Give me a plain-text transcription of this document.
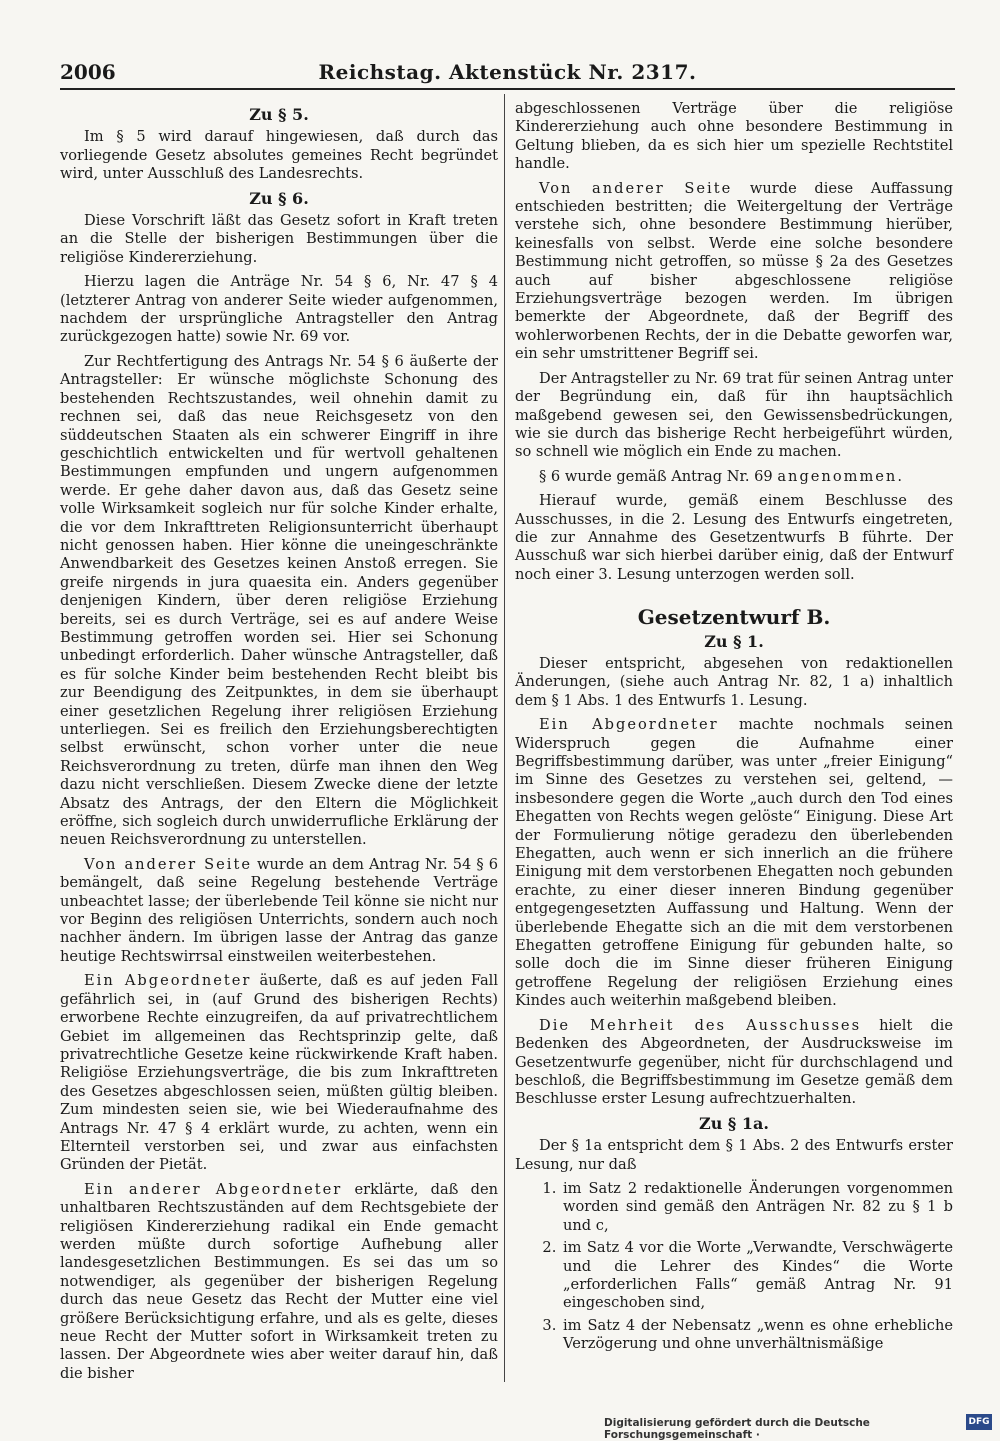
2006	Reichstag. Aktenstück Nr. 2317.
Zu § 5.

Im § 5 wird darauf hingewiesen, daß durch das vorliegende Gesetz absolutes gemeines Recht begründet wird, unter Ausschluß des Landesrechts.

Zu § 6.

Diese Vorschrift läßt das Gesetz sofort in Kraft treten an die Stelle der bisherigen Bestimmungen über die religiöse Kindererziehung.

Hierzu lagen die Anträge Nr. 54 § 6, Nr. 47 § 4 (letzterer Antrag von anderer Seite wieder aufgenommen, nachdem der ursprüngliche Antragsteller den Antrag zurückgezogen hatte) sowie Nr. 69 vor.

Zur Rechtfertigung des Antrags Nr. 54 § 6 äußerte der Antragsteller: Er wünsche möglichste Schonung des bestehenden Rechtszustandes, weil ohnehin damit zu rechnen sei, daß das neue Reichsgesetz von den süddeutschen Staaten als ein schwerer Eingriff in ihre geschichtlich entwickelten und für wertvoll gehaltenen Bestimmungen empfunden und ungern aufgenommen werde. Er gehe daher davon aus, daß das Gesetz seine volle Wirksamkeit sogleich nur für solche Kinder erhalte, die vor dem Inkrafttreten Religionsunterricht überhaupt nicht genossen haben. Hier könne die uneingeschränkte Anwendbarkeit des Gesetzes keinen Anstoß erregen. Sie greife nirgends in jura quaesita ein. Anders gegenüber denjenigen Kindern, über deren religiöse Erziehung bereits, sei es durch Verträge, sei es auf andere Weise Bestimmung getroffen worden sei. Hier sei Schonung unbedingt erforderlich. Daher wünsche Antragsteller, daß es für solche Kinder beim bestehenden Recht bleibt bis zur Beendigung des Zeitpunktes, in dem sie überhaupt einer gesetzlichen Regelung ihrer religiösen Erziehung unterliegen. Sei es freilich den Erziehungsberechtigten selbst erwünscht, schon vorher unter die neue Reichsverordnung zu treten, dürfe man ihnen den Weg dazu nicht verschließen. Diesem Zwecke diene der letzte Absatz des Antrags, der den Eltern die Möglichkeit eröffne, sich sogleich durch unwiderrufliche Erklärung der neuen Reichsverordnung zu unterstellen.

Von anderer Seite wurde an dem Antrag Nr. 54 § 6 bemängelt, daß seine Regelung bestehende Verträge unbeachtet lasse; der überlebende Teil könne sie nicht nur vor Beginn des religiösen Unterrichts, sondern auch noch nachher ändern. Im übrigen lasse der Antrag das ganze heutige Rechtswirrsal einstweilen weiterbestehen.

Ein Abgeordneter äußerte, daß es auf jeden Fall gefährlich sei, in (auf Grund des bisherigen Rechts) erworbene Rechte einzugreifen, da auf privatrechtlichem Gebiet im allgemeinen das Rechtsprinzip gelte, daß privatrechtliche Gesetze keine rückwirkende Kraft haben. Religiöse Erziehungsverträge, die bis zum Inkrafttreten des Gesetzes abgeschlossen seien, müßten gültig bleiben. Zum mindesten seien sie, wie bei Wiederaufnahme des Antrags Nr. 47 § 4 erklärt wurde, zu achten, wenn ein Elternteil verstorben sei, und zwar aus einfachsten Gründen der Pietät.

Ein anderer Abgeordneter erklärte, daß den unhaltbaren Rechtszuständen auf dem Rechtsgebiete der religiösen Kindererziehung radikal ein Ende gemacht werden müßte durch sofortige Aufhebung aller landesgesetzlichen Bestimmungen. Es sei das um so notwendiger, als gegenüber der bisherigen Regelung durch das neue Gesetz das Recht der Mutter eine viel größere Berücksichtigung erfahre, und als es gelte, dieses neue Recht der Mutter sofort in Wirksamkeit treten zu lassen. Der Abgeordnete wies aber weiter darauf hin, daß die bisher

abgeschlossenen Verträge über die religiöse Kindererziehung auch ohne besondere Bestimmung in Geltung blieben, da es sich hier um spezielle Rechtstitel handle.

Von anderer Seite wurde diese Auffassung entschieden bestritten; die Weitergeltung der Verträge verstehe sich, ohne besondere Bestimmung hierüber, keinesfalls von selbst. Werde eine solche besondere Bestimmung nicht getroffen, so müsse § 2a des Gesetzes auch auf bisher abgeschlossene religiöse Erziehungsverträge bezogen werden. Im übrigen bemerkte der Abgeordnete, daß der Begriff des wohlerworbenen Rechts, der in die Debatte geworfen war, ein sehr umstrittener Begriff sei.

Der Antragsteller zu Nr. 69 trat für seinen Antrag unter der Begründung ein, daß für ihn hauptsächlich maßgebend gewesen sei, den Gewissensbedrückungen, wie sie durch das bisherige Recht herbeigeführt würden, so schnell wie möglich ein Ende zu machen.

§ 6 wurde gemäß Antrag Nr. 69 angenommen.

Hierauf wurde, gemäß einem Beschlusse des Ausschusses, in die 2. Lesung des Entwurfs eingetreten, die zur Annahme des Gesetzentwurfs B führte. Der Ausschuß war sich hierbei darüber einig, daß der Entwurf noch einer 3. Lesung unterzogen werden soll.

Gesetzentwurf B.
Zu § 1.

Dieser entspricht, abgesehen von redaktionellen Änderungen, (siehe auch Antrag Nr. 82, 1 a) inhaltlich dem § 1 Abs. 1 des Entwurfs 1. Lesung.

Ein Abgeordneter machte nochmals seinen Widerspruch gegen die Aufnahme einer Begriffsbestimmung darüber, was unter „freier Einigung“ im Sinne des Gesetzes zu verstehen sei, geltend, — insbesondere gegen die Worte „auch durch den Tod eines Ehegatten von Rechts wegen gelöste“ Einigung. Diese Art der Formulierung nötige geradezu den überlebenden Ehegatten, auch wenn er sich innerlich an die frühere Einigung mit dem verstorbenen Ehegatten noch gebunden erachte, zu einer dieser inneren Bindung gegenüber entgegengesetzten Auffassung und Haltung. Wenn der überlebende Ehegatte sich an die mit dem verstorbenen Ehegatten getroffene Einigung für gebunden halte, so solle doch die im Sinne dieser früheren Einigung getroffene Regelung der religiösen Erziehung eines Kindes auch weiterhin maßgebend bleiben.

Die Mehrheit des Ausschusses hielt die Bedenken des Abgeordneten, der Ausdrucksweise im Gesetzentwurfe gegenüber, nicht für durchschlagend und beschloß, die Begriffsbestimmung im Gesetze gemäß dem Beschlusse erster Lesung aufrechtzuerhalten.

Zu § 1a.

Der § 1a entspricht dem § 1 Abs. 2 des Entwurfs erster Lesung, nur daß

1. im Satz 2 redaktionelle Änderungen vorgenommen worden sind gemäß den Anträgen Nr. 82 zu § 1 b und c,
2. im Satz 4 vor die Worte „Verwandte, Verschwägerte und die Lehrer des Kindes“ die Worte „erforderlichen Falls“ gemäß Antrag Nr. 91 eingeschoben sind,
3. im Satz 4 der Nebensatz „wenn es ohne erhebliche Verzögerung und ohne unverhältnismäßige
Digitalisierung gefördert durch die Deutsche Forschungsgemeinschaft ·
DFG
